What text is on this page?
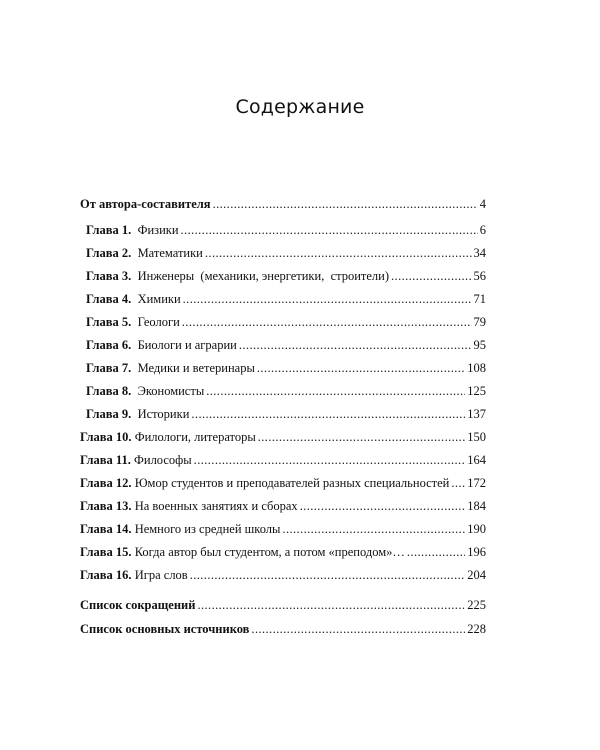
Содержание
От автора-составителя .....	4
Глава 1. Физики .....	6
Глава 2. Математики .....	34
Глава 3. Инженеры  (механики, энергетики,  строители) .....	56
Глава 4. Химики .....	71
Глава 5. Геологи .....	79
Глава 6. Биологи и аграрии .....	95
Глава 7. Медики и ветеринары .....	108
Глава 8. Экономисты .....	125
Глава 9. Историки .....	137
Глава 10. Филологи, литераторы .....	150
Глава 11. Философы .....	164
Глава 12. Юмор студентов и преподавателей разных специальностей ..... 172
Глава 13. На военных занятиях и сборах .....	184
Глава 14. Немного из средней школы .....	190
Глава 15. Когда автор был студентом, а потом «преподом»… .....	196
Глава 16. Игра слов .....	204
Список сокращений .....	225
Список основных источников .....	228
